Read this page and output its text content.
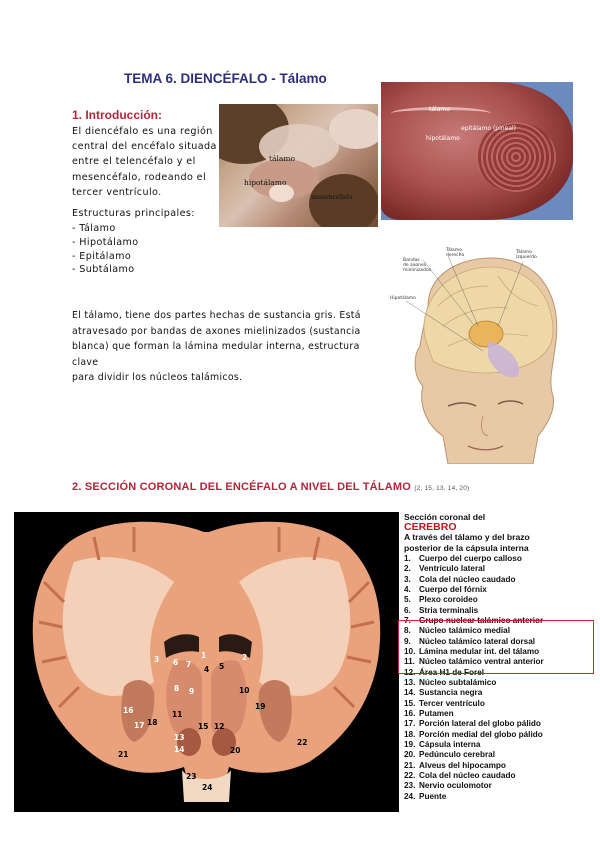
TEMA 6. DIENCÉFALO - Tálamo
1. Introducción:
El diencéfalo es una región
central del encéfalo situada
entre el telencéfalo y el
mesencéfalo, rodeando el
tercer ventrículo.
Estructuras principales:
- Tálamo
- Hipotálamo
- Epitálamo
- Subtálamo
El tálamo, tiene dos partes hechas de sustancia gris. Está
atravesado por bandas de axones mielinizados (sustancia
blanca) que forman la lámina medular interna, estructura clave
para dividir los núcleos talámicos.
tálamo
hipotálamo
mesencéfalo
tálamo
epitálamo (pineal)
hipotálamo
Tálamo
derecho
Tálamo
izquierdo
Bandas
de axones
mielinizados
Hipotálamo
2. SECCIÓN CORONAL DEL ENCÉFALO A NIVEL DEL TÁLAMO (2, 15, 13, 14, 20)
1	2
3
4 5
6 7
8 9	10
11
12
13
14
15
16
17 18
19
20
21
22
23
24
Sección coronal del
CEREBRO
A través del tálamo y del brazo
posterior de la cápsula interna
1. Cuerpo del cuerpo calloso
2. Ventrículo lateral
3. Cola del núcleo caudado
4. Cuerpo del fórnix
5. Plexo coroideo
6. Stria terminalis
7. Grupo nuclear talámico anterior
8. Núcleo talámico medial
9. Núcleo talámico lateral dorsal
10. Lámina medular int. del tálamo
11. Núcleo talámico ventral anterior
12. Área H1 de Forel
13. Núcleo subtalámico
14. Sustancia negra
15. Tercer ventrículo
16. Putamen
17. Porción lateral del globo pálido
18. Porción medial del globo pálido
19. Cápsula interna
20. Pedúnculo cerebral
21. Alveus del hipocampo
22. Cola del núcleo caudado
23. Nervio oculomotor
24. Puente
